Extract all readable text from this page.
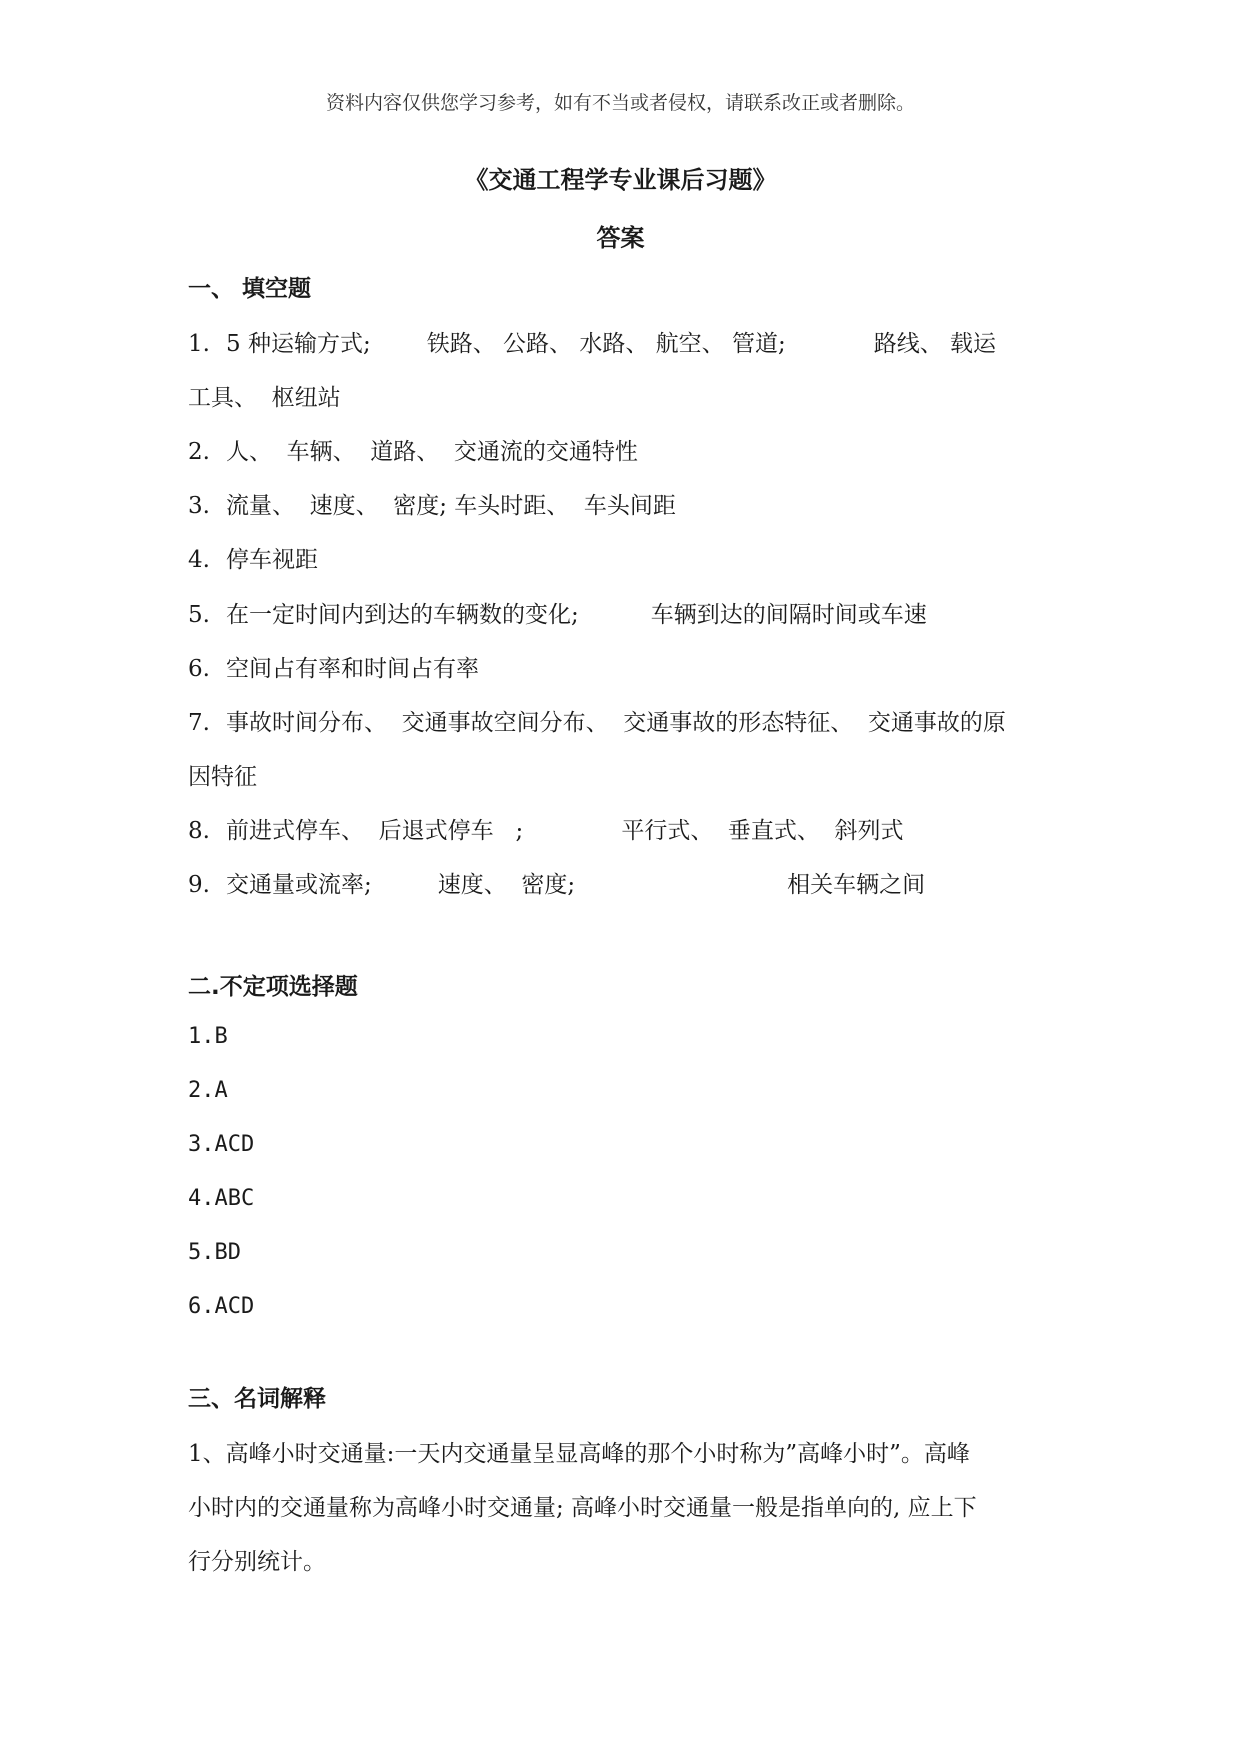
资料内容仅供您学习参考，如有不当或者侵权，请联系改正或者删除。
《交通工程学专业课后习题》
答案
一、 填空题
1. 5 种运输方式; 铁路、 公路、 水路、 航空、 管道;	路线、 载运
工具、  枢纽站
2. 人、  车辆、  道路、  交通流的交通特性
3. 流量、  速度、  密度; 车头时距、  车头间距
4. 停车视距
5. 在一定时间内到达的车辆数的变化;	车辆到达的间隔时间或车速
6. 空间占有率和时间占有率
7. 事故时间分布、  交通事故空间分布、  交通事故的形态特征、  交通事故的原
因特征
8. 前进式停车、  后退式停车   ;	平行式、  垂直式、  斜列式
9. 交通量或流率;	速度、  密度;	相关车辆之间
二.不定项选择题
1.B
2.A
3.ACD
4.ABC
5.BD
6.ACD
三、名词解释
1、高峰小时交通量:一天内交通量呈显高峰的那个小时称为”高峰小时”。高峰
小时内的交通量称为高峰小时交通量; 高峰小时交通量一般是指单向的, 应上下
行分别统计。
